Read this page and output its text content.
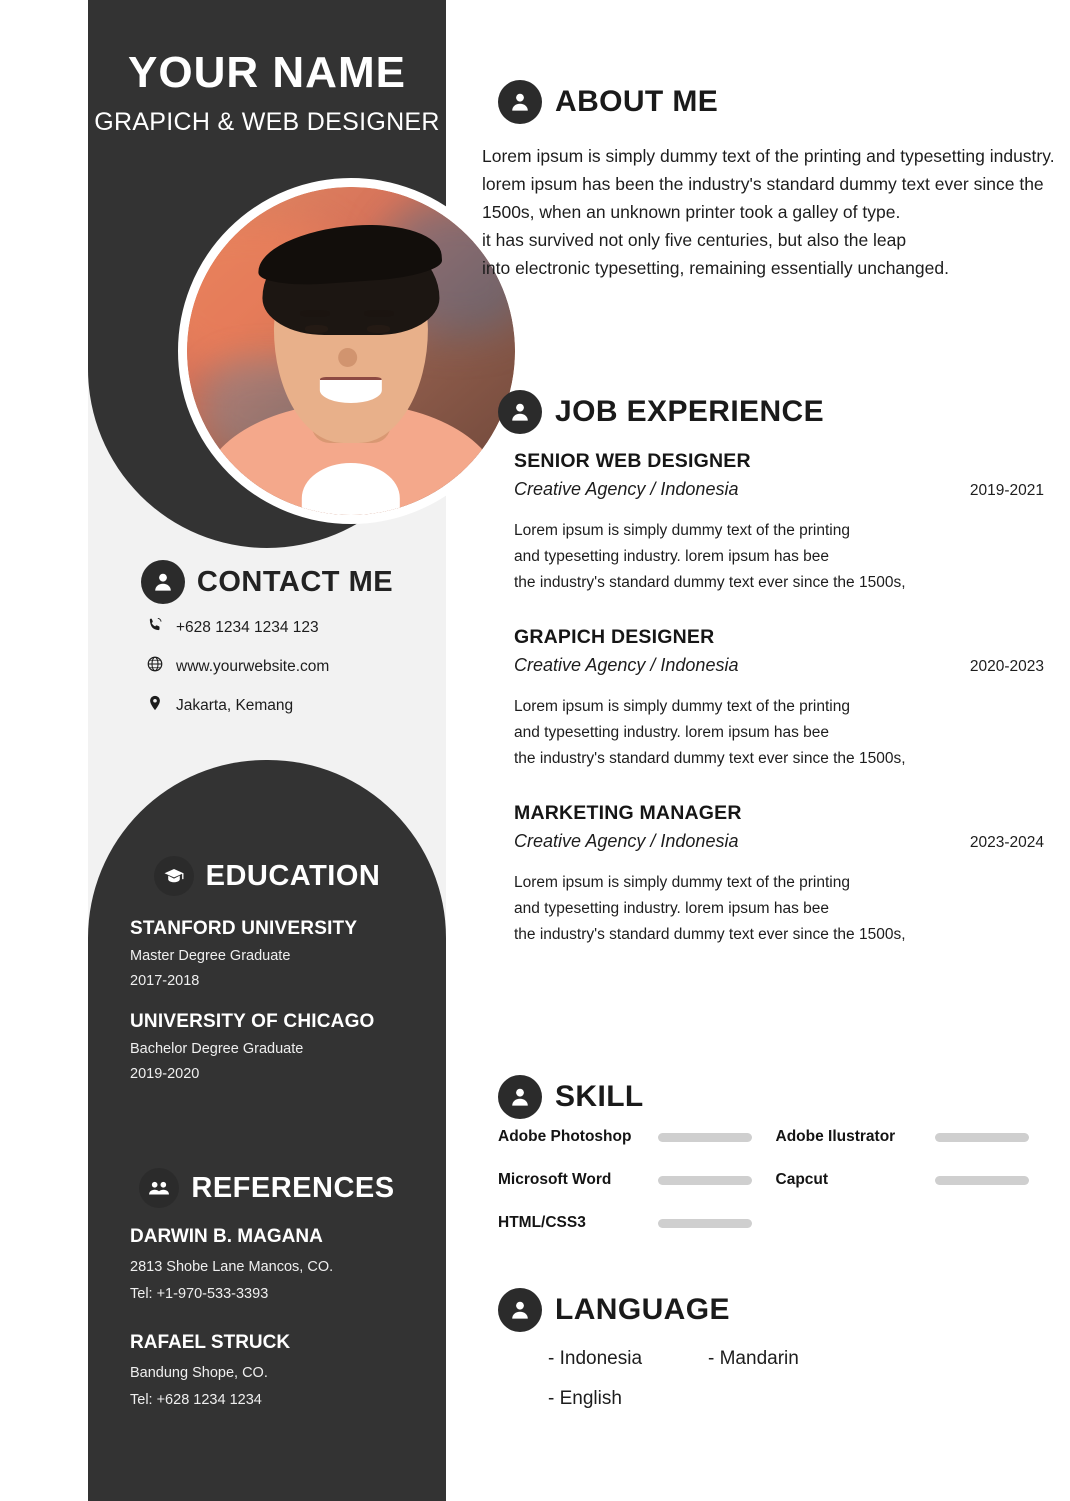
YOUR NAME
GRAPICH & WEB DESIGNER
CONTACT ME
+628 1234 1234 123
www.yourwebsite.com
Jakarta, Kemang
EDUCATION
STANFORD UNIVERSITY
Master Degree Graduate
2017-2018
UNIVERSITY OF CHICAGO
Bachelor Degree Graduate
2019-2020
REFERENCES
DARWIN B. MAGANA
2813 Shobe Lane Mancos, CO.
Tel: +1-970-533-3393
RAFAEL STRUCK
Bandung Shope, CO.
Tel: +628 1234 1234
ABOUT ME

Lorem ipsum is simply dummy text of the printing and typesetting industry. lorem ipsum has been the industry's standard dummy text ever since the 1500s, when an unknown printer took a galley of type.

it has survived not only five centuries, but also the leap

into electronic typesetting, remaining essentially unchanged.

JOB EXPERIENCE
SENIOR WEB DESIGNER
Creative Agency / Indonesia	2019-2021
Lorem ipsum is simply dummy text of the printing
and typesetting industry. lorem ipsum has bee
the industry's standard dummy text ever since the 1500s,
GRAPICH DESIGNER
Creative Agency / Indonesia	2020-2023
Lorem ipsum is simply dummy text of the printing
and typesetting industry. lorem ipsum has bee
the industry's standard dummy text ever since the 1500s,
MARKETING MANAGER
Creative Agency / Indonesia	2023-2024
Lorem ipsum is simply dummy text of the printing
and typesetting industry. lorem ipsum has bee
the industry's standard dummy text ever since the 1500s,
SKILL
Adobe Photoshop	Adobe Ilustrator
Microsoft Word	Capcut
HTML/CSS3
LANGUAGE
- Indonesia	- Mandarin
- English
